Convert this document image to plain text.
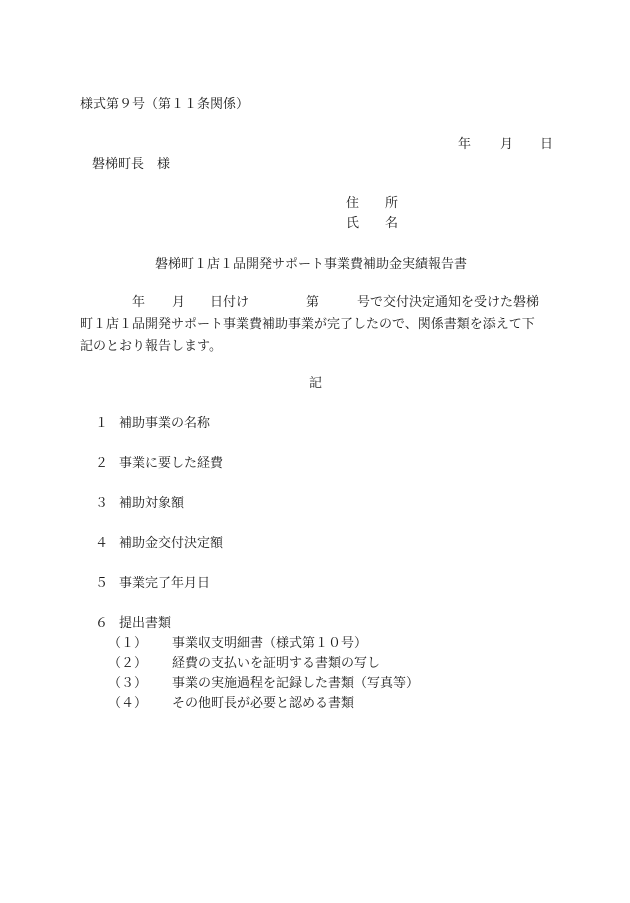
様式第９号（第１１条関係）
年 月 日
磐梯町長　様
住　　所
氏　　名
磐梯町１店１品開発サポート事業費補助金実績報告書
年 月 日付け	第	号で交付決定通知を受けた磐梯
町１店１品開発サポート事業費補助事業が完了したので、関係書類を添えて下
記のとおり報告します。
記
１ 補助事業の名称
２ 事業に要した経費
３ 補助対象額
４ 補助金交付決定額
５ 事業完了年月日
６ 提出書類
（１） 事業収支明細書（様式第１０号）
（２） 経費の支払いを証明する書類の写し
（３） 事業の実施過程を記録した書類（写真等）
（４） その他町長が必要と認める書類
